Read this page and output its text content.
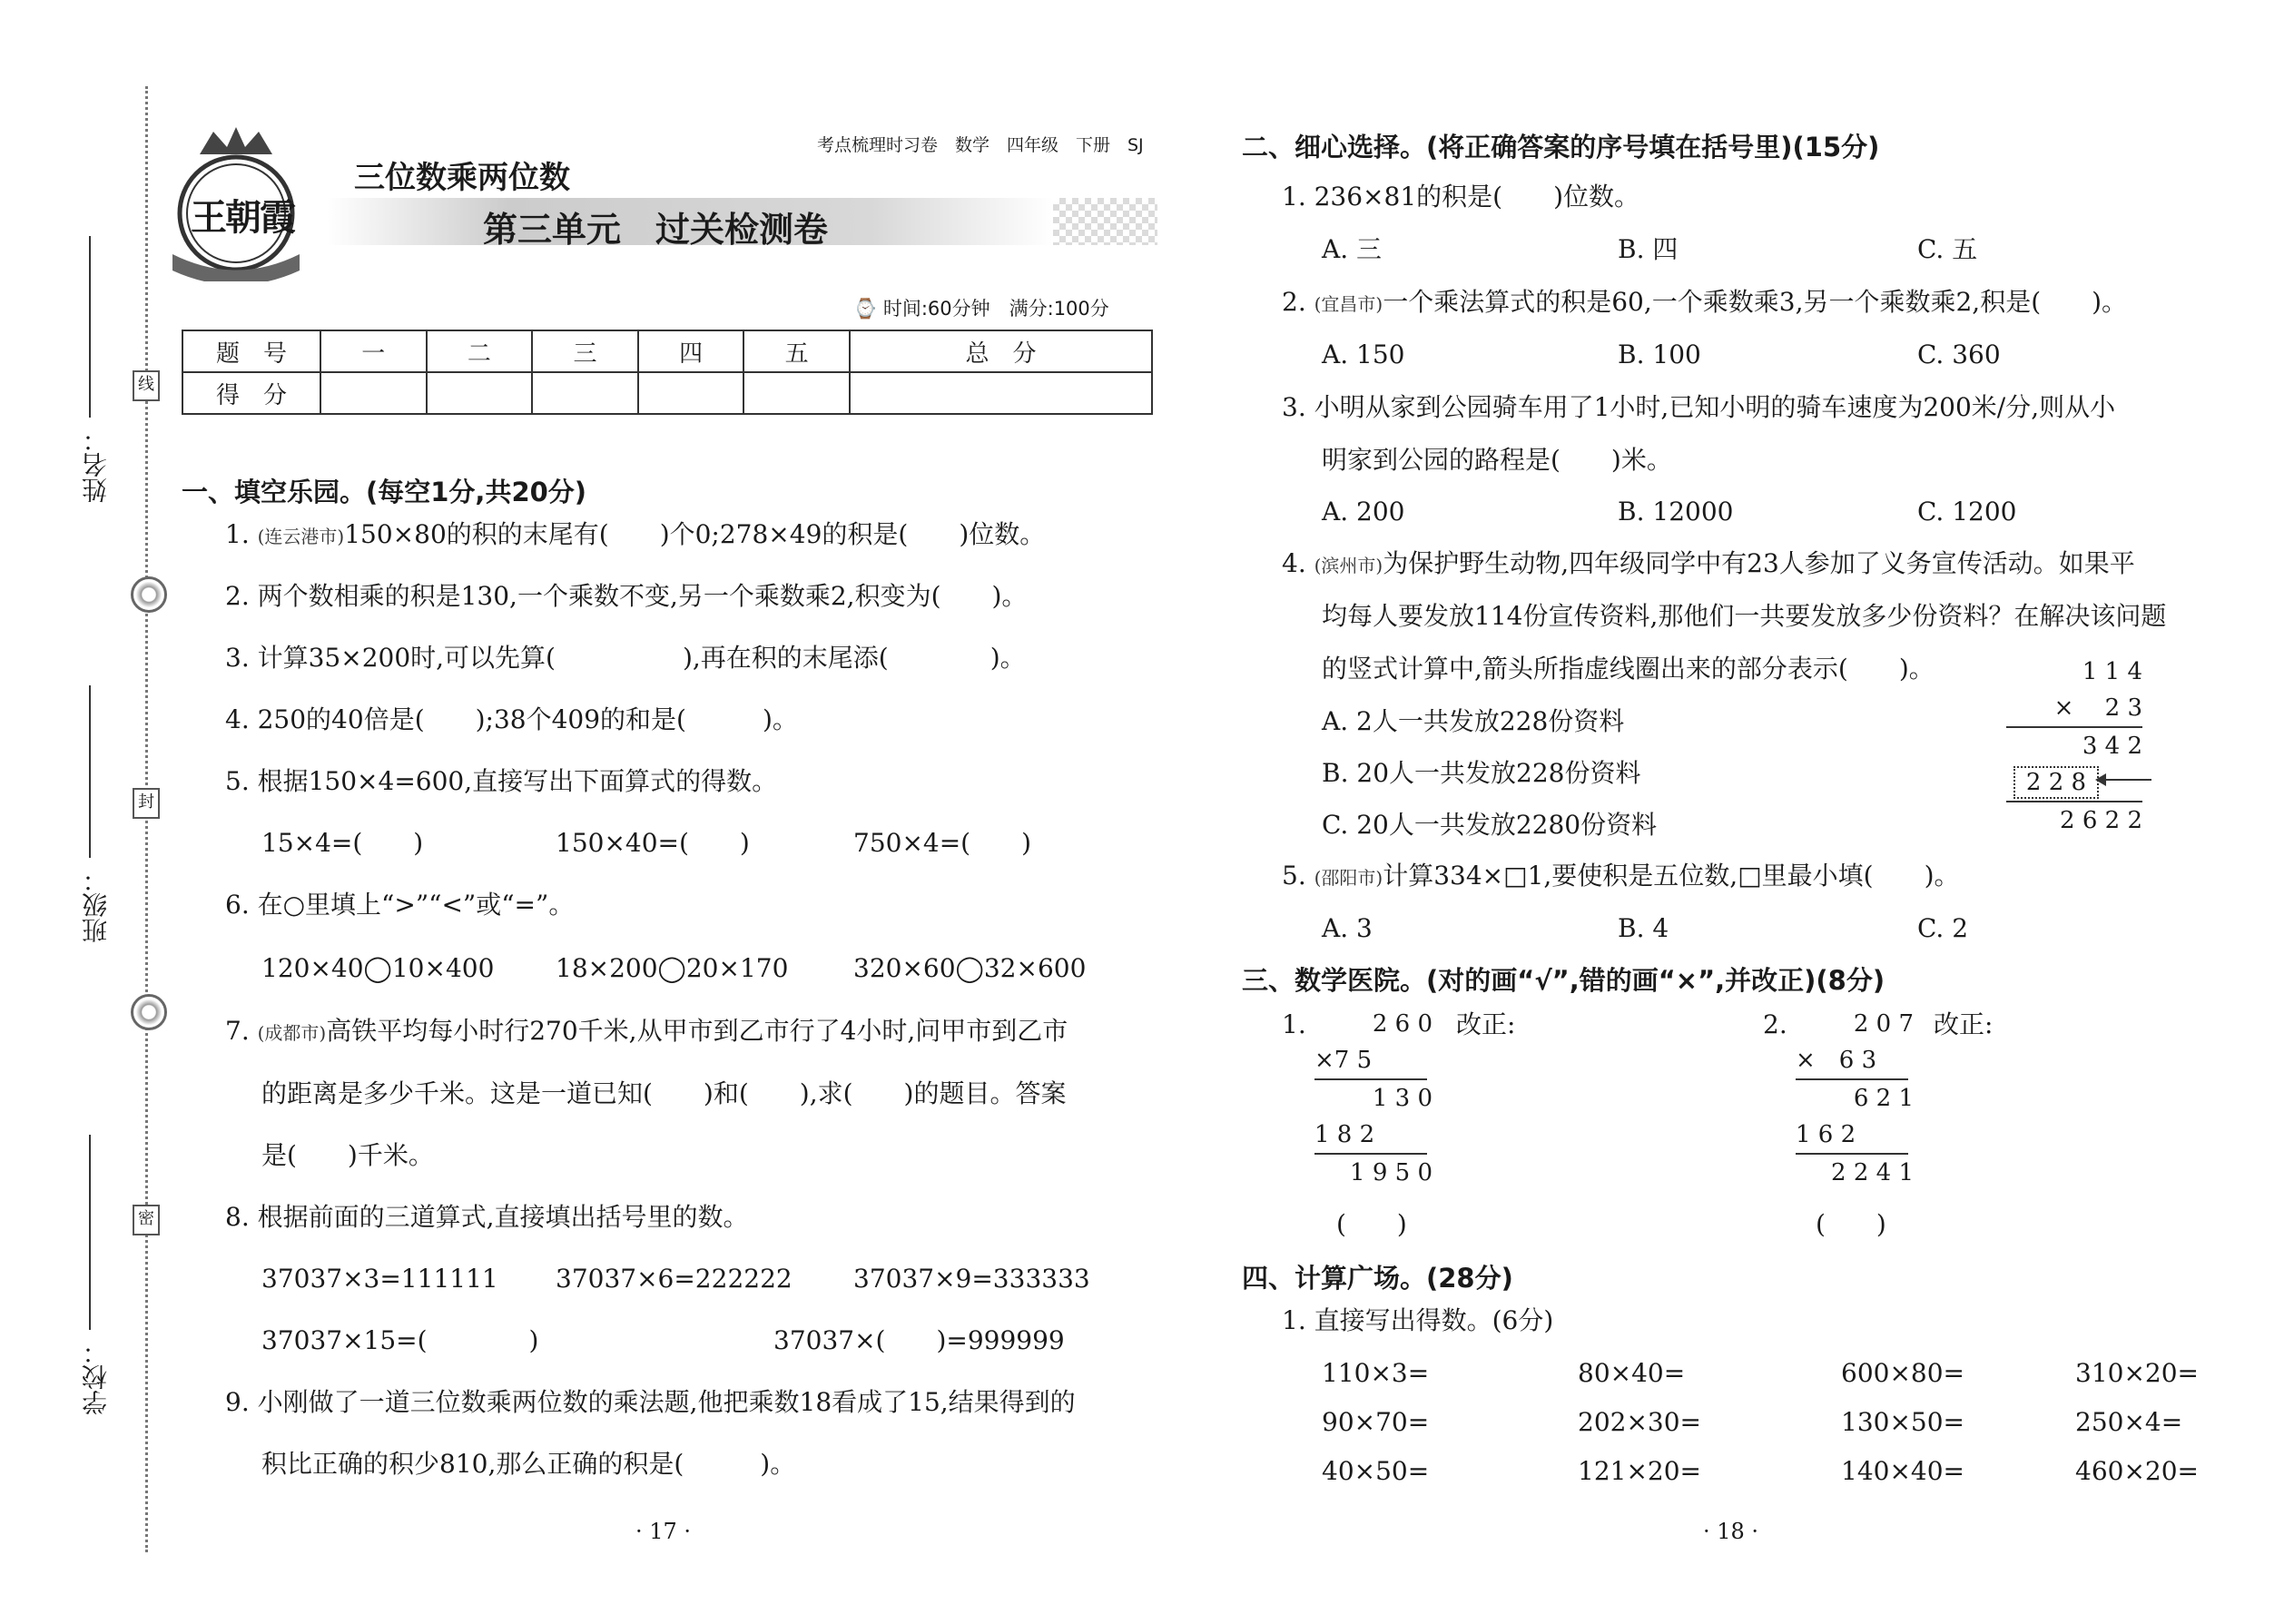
线
封
密
姓名：
班级：
学校：
王朝霞
考点梳理时习卷　数学　四年级　下册　SJ
三位数乘两位数
第三单元　过关检测卷
⌚ 时间:60分钟　满分:100分
题　号	一	二	三	四	五	总　分
得　分						
一、填空乐园。(每空1分,共20分)
1. (连云港市)150×80的积的末尾有(　　)个0;278×49的积是(　　)位数。
2. 两个数相乘的积是130,一个乘数不变,另一个乘数乘2,积变为(　　)。
3. 计算35×200时,可以先算(　　　　　),再在积的末尾添(　　　　)。
4. 250的40倍是(　　);38个409的和是(　　　)。
5. 根据150×4=600,直接写出下面算式的得数。
15×4=(　　)	150×40=(　　)	750×4=(　　)
6. 在○里填上“>”“<”或“=”。
120×40◯10×400 18×200◯20×170	320×60◯32×600
7. (成都市)高铁平均每小时行270千米,从甲市到乙市行了4小时,问甲市到乙市
的距离是多少千米。这是一道已知(　　)和(　　),求(　　)的题目。答案
是(　　)千米。
8. 根据前面的三道算式,直接填出括号里的数。
37037×3=111111 37037×6=222222 37037×9=333333
37037×15=(　　　　)	37037×(　　)=999999
9. 小刚做了一道三位数乘两位数的乘法题,他把乘数18看成了15,结果得到的
积比正确的积少810,那么正确的积是(　　　)。
· 17 ·
二、细心选择。(将正确答案的序号填在括号里)(15分)
1. 236×81的积是(　　)位数。
A. 三	B. 四	C. 五
2. (宜昌市)一个乘法算式的积是60,一个乘数乘3,另一个乘数乘2,积是(　　)。
A. 150	B. 100	C. 360
3. 小明从家到公园骑车用了1小时,已知小明的骑车速度为200米/分,则从小
明家到公园的路程是(　　)米。
A. 200	B. 12000	C. 1200
4. (滨州市)为保护野生动物,四年级同学中有23人参加了义务宣传活动。如果平
均每人要发放114份宣传资料,那他们一共要发放多少份资料？在解决该问题
的竖式计算中,箭头所指虚线圈出来的部分表示(　　)。
A. 2人一共发放228份资料
B. 20人一共发放228份资料
C. 20人一共发放2280份资料
1 1 4
×　 2 3
3 4 2
2 2 8
2 6 2 2
5. (邵阳市)计算334×□1,要使积是五位数,□里最小填(　　)。
A. 3	B. 4	C. 2
三、数学医院。(对的画“√”,错的画“×”,并改正)(8分)
1.	2 6 0
×7 5
1 3 0
1 8 2
1 9 5 0
改正:
(　　)
2.	2 0 7
×　6 3
6 2 1
1 6 2
2 2 4 1
改正:
(　　)
四、计算广场。(28分)
1. 直接写出得数。(6分)
110×3=	80×40=	600×80=	310×20=
90×70=	202×30=	130×50=	250×4=
40×50=	121×20=	140×40=	460×20=
· 18 ·
